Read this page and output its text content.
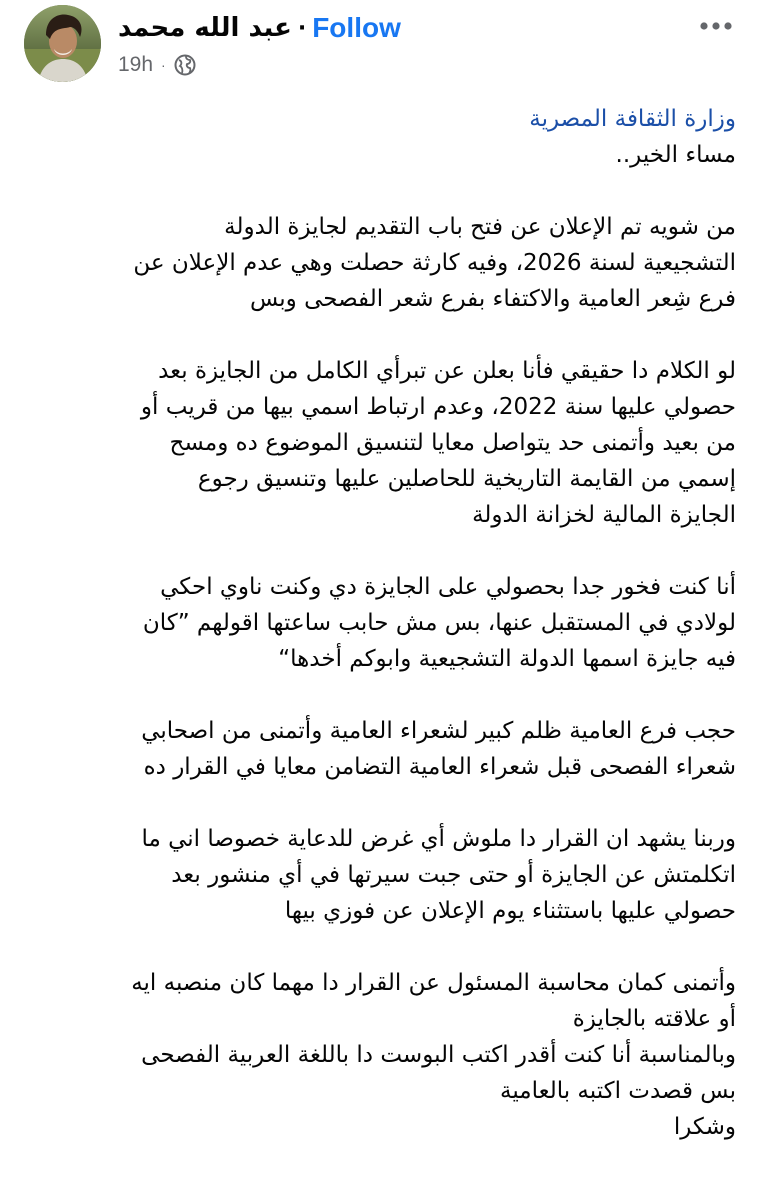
عبد الله محمد · Follow
19h ·

وزارة الثقافة المصرية

مساء الخير..

من شويه تم الإعلان عن فتح باب التقديم لجايزة الدولة
التشجيعية لسنة 2026، وفيه كارثة حصلت وهي عدم الإعلان عن
فرع شِعر العامية والاكتفاء بفرع شعر الفصحى وبس

لو الكلام دا حقيقي فأنا بعلن عن تبرأي الكامل من الجايزة بعد
حصولي عليها سنة 2022، وعدم ارتباط اسمي بيها من قريب أو
من بعيد وأتمنى حد يتواصل معايا لتنسيق الموضوع ده ومسح
إسمي من القايمة التاريخية للحاصلين عليها وتنسيق رجوع
الجايزة المالية لخزانة الدولة

أنا كنت فخور جدا بحصولي على الجايزة دي وكنت ناوي احكي
لولادي في المستقبل عنها، بس مش حابب ساعتها اقولهم ”كان
فيه جايزة اسمها الدولة التشجيعية وابوكم أخدها“

حجب فرع العامية ظلم كبير لشعراء العامية وأتمنى من اصحابي
شعراء الفصحى قبل شعراء العامية التضامن معايا في القرار ده

وربنا يشهد ان القرار دا ملوش أي غرض للدعاية خصوصا اني ما
اتكلمتش عن الجايزة أو حتى جبت سيرتها في أي منشور بعد
حصولي عليها باستثناء يوم الإعلان عن فوزي بيها

وأتمنى كمان محاسبة المسئول عن القرار دا مهما كان منصبه ايه
أو علاقته بالجايزة
وبالمناسبة أنا كنت أقدر اكتب البوست دا باللغة العربية الفصحى
بس قصدت اكتبه بالعامية
وشكرا
